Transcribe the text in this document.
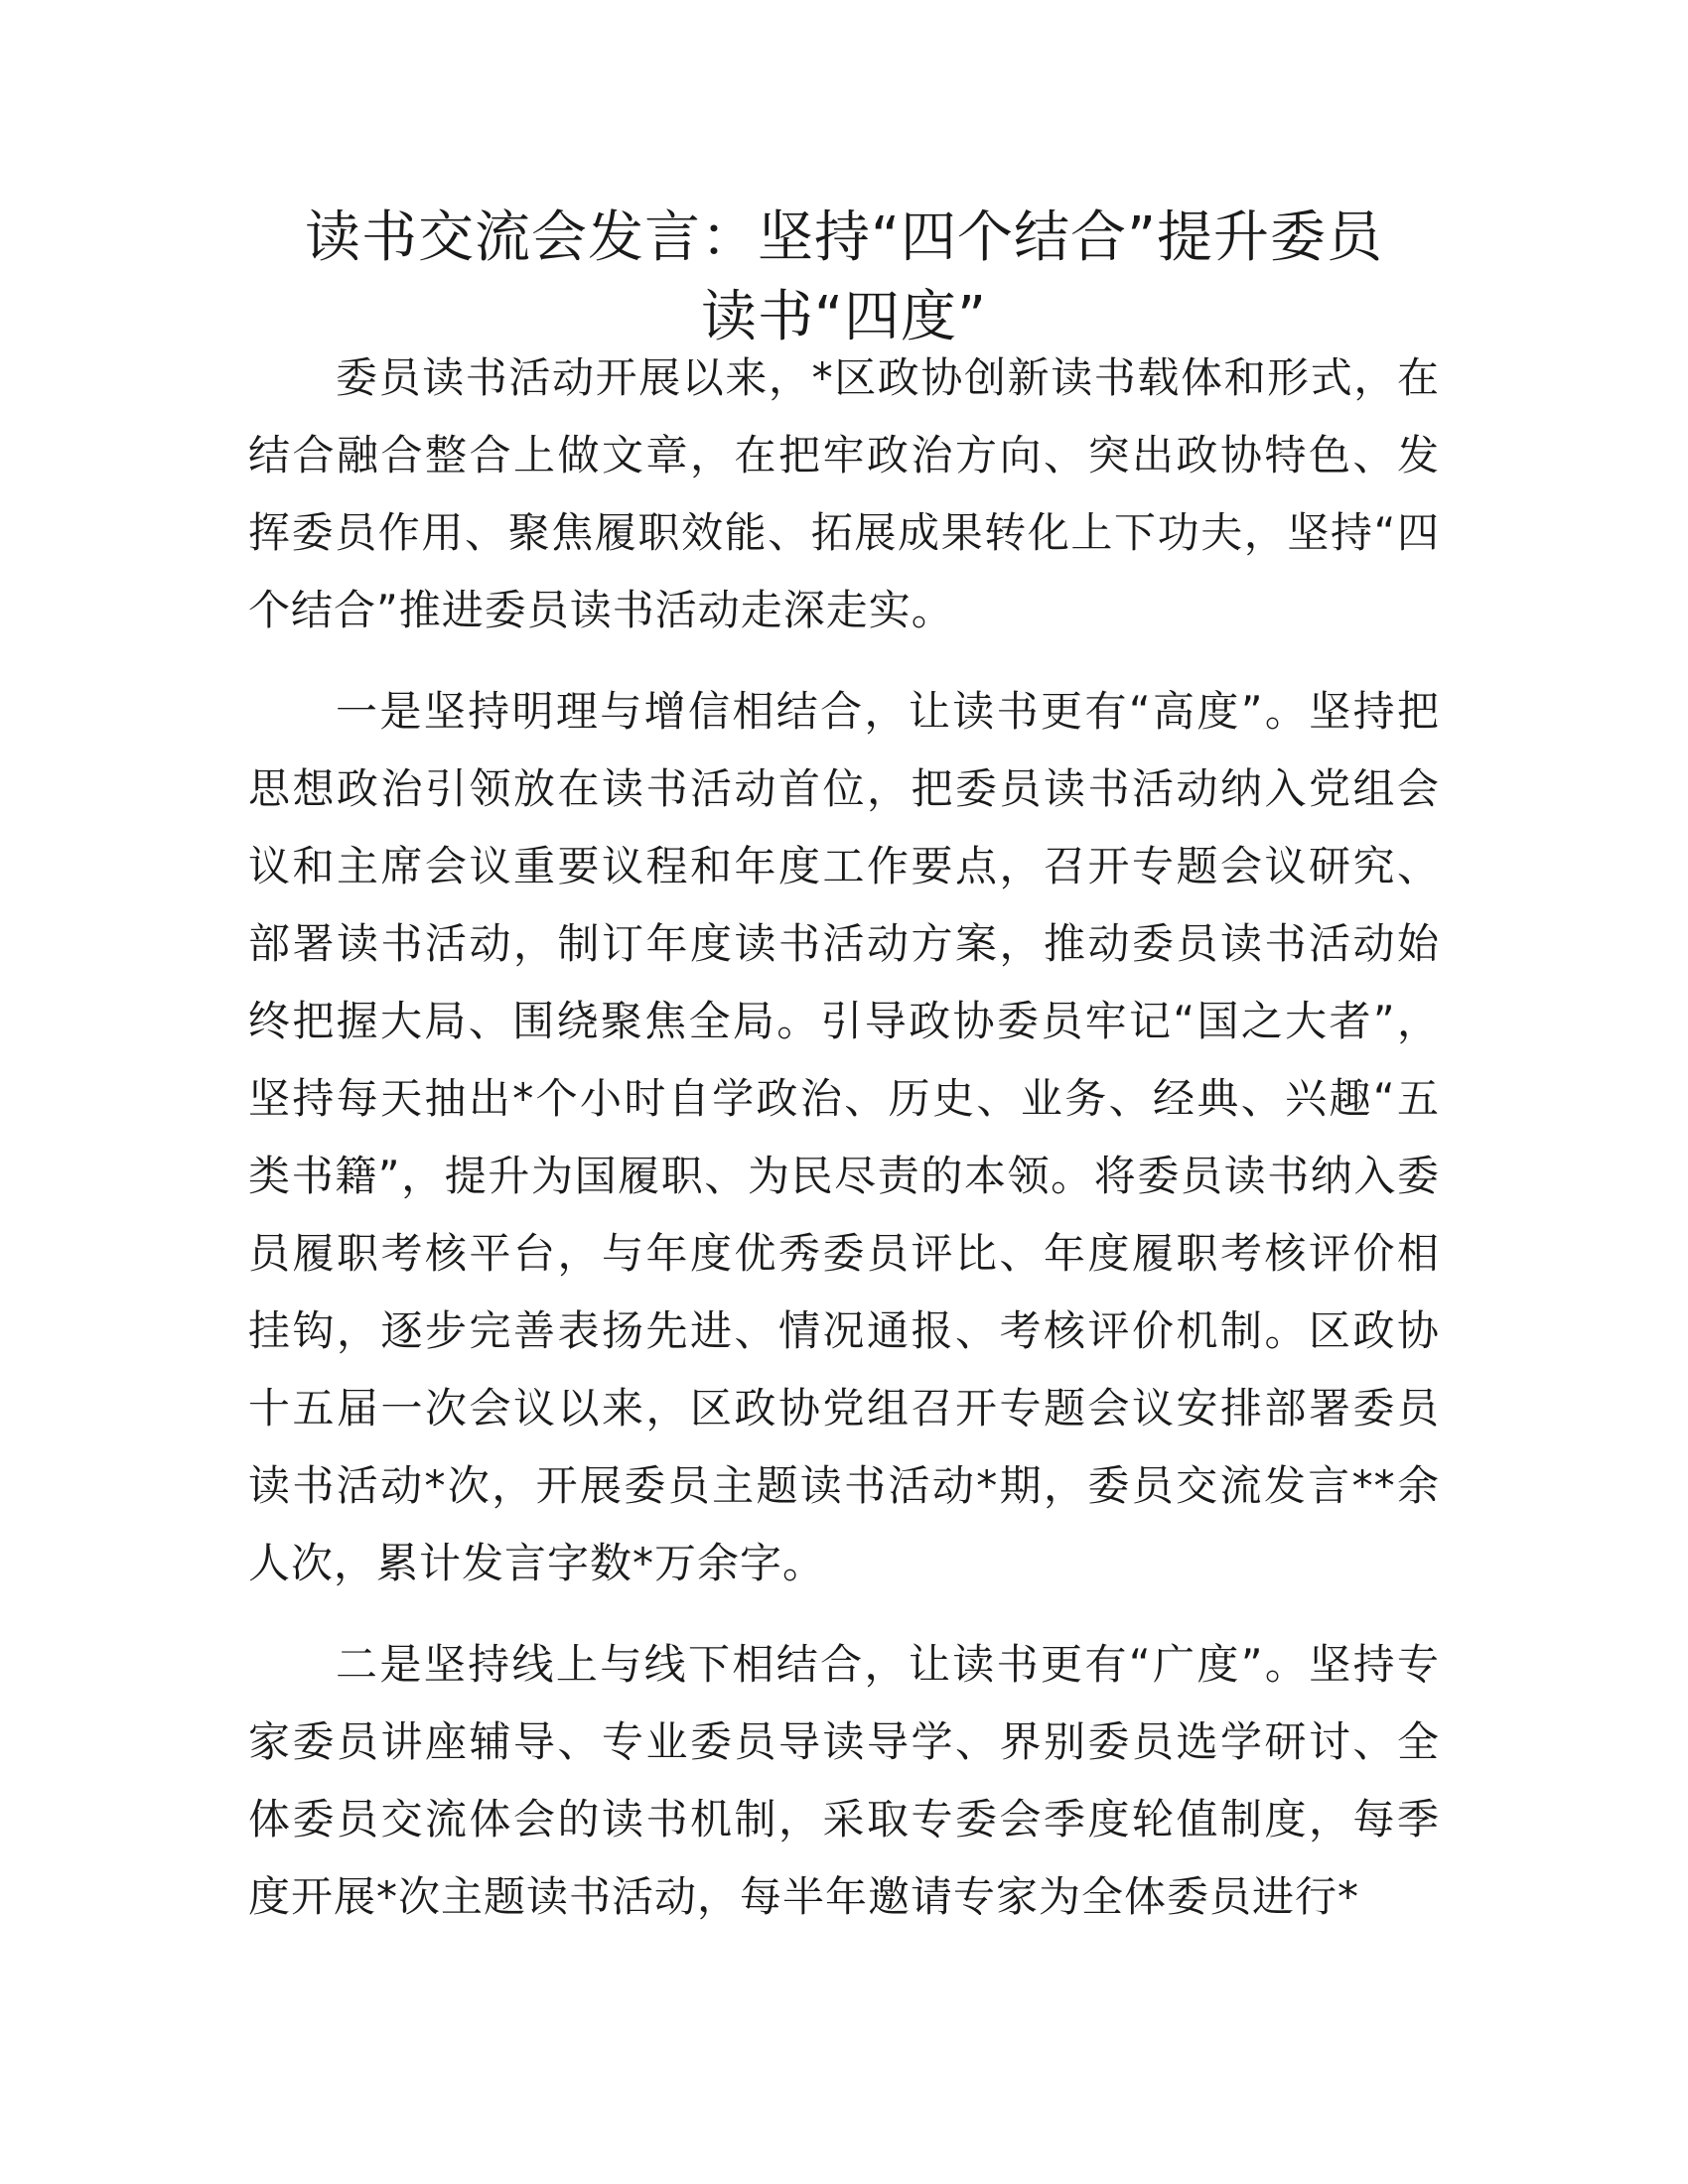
读书交流会发言：坚持“四个结合”提升委员
读书“四度”

委员读书活动开展以来，*区政协创新读书载体和形式，在结合融合整合上做文章，在把牢政治方向、突出政协特色、发挥委员作用、聚焦履职效能、拓展成果转化上下功夫，坚持“四个结合”推进委员读书活动走深走实。

一是坚持明理与增信相结合，让读书更有“高度”。坚持把思想政治引领放在读书活动首位，把委员读书活动纳入党组会议和主席会议重要议程和年度工作要点，召开专题会议研究、部署读书活动，制订年度读书活动方案，推动委员读书活动始终把握大局、围绕聚焦全局。引导政协委员牢记“国之大者”，坚持每天抽出*个小时自学政治、历史、业务、经典、兴趣“五类书籍”，提升为国履职、为民尽责的本领。将委员读书纳入委员履职考核平台，与年度优秀委员评比、年度履职考核评价相挂钩，逐步完善表扬先进、情况通报、考核评价机制。区政协十五届一次会议以来，区政协党组召开专题会议安排部署委员读书活动*次，开展委员主题读书活动*期，委员交流发言**余人次，累计发言字数*万余字。

二是坚持线上与线下相结合，让读书更有“广度”。坚持专家委员讲座辅导、专业委员导读导学、界别委员选学研讨、全体委员交流体会的读书机制，采取专委会季度轮值制度，每季度开展*次主题读书活动，每半年邀请专家为全体委员进行*
